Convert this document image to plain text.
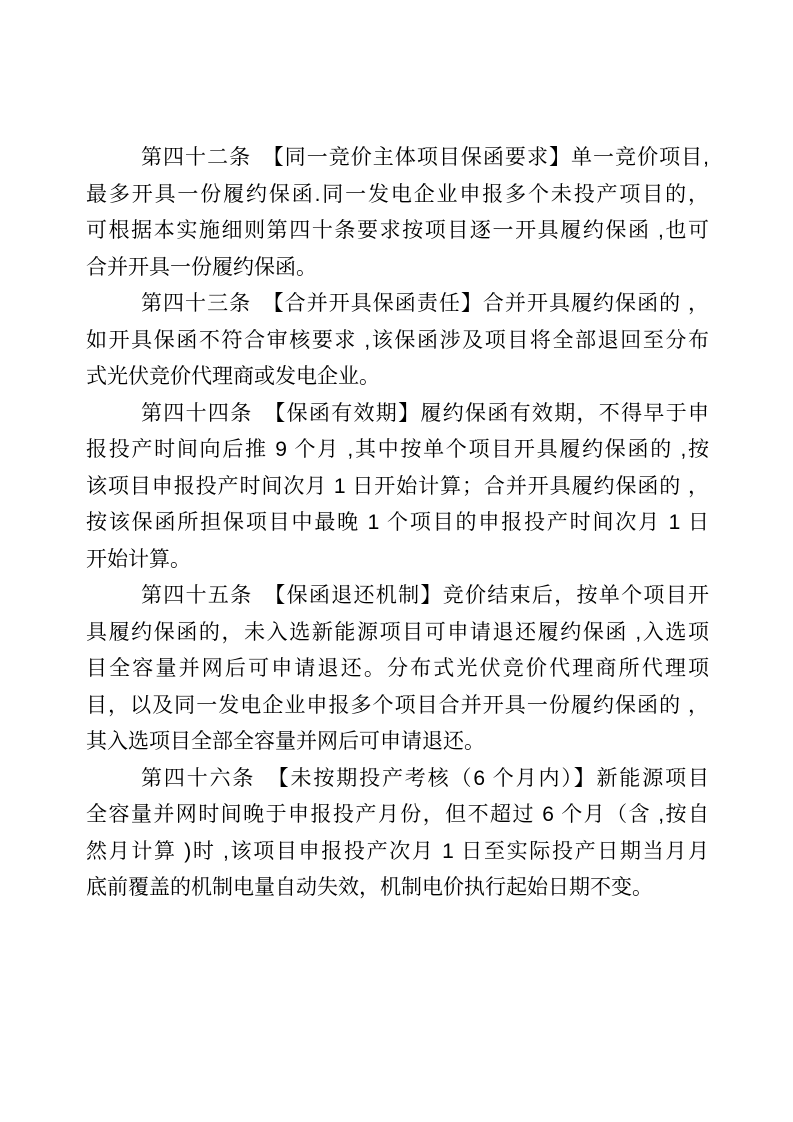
第四十二条　【同一竞价主体项目保函要求】单一竞价项目,
最多开具一份履约保函.同一发电企业申报多个未投产项目的，
可根据本实施细则第四十条要求按项目逐一开具履约保函 ,也可
合并开具一份履约保函。
第四十三条　【合并开具保函责任】合并开具履约保函的 ，
如开具保函不符合审核要求 ,该保函涉及项目将全部退回至分布
式光伏竞价代理商或发电企业。
第四十四条　【保函有效期】履约保函有效期，不得早于申
报投产时间向后推 9 个月 ,其中按单个项目开具履约保函的 ,按
该项目申报投产时间次月 1 日开始计算；合并开具履约保函的 ，
按该保函所担保项目中最晚 1 个项目的申报投产时间次月 1 日
开始计算。
第四十五条　【保函退还机制】竞价结束后，按单个项目开
具履约保函的，未入选新能源项目可申请退还履约保函 ,入选项
目全容量并网后可申请退还。分布式光伏竞价代理商所代理项
目，以及同一发电企业申报多个项目合并开具一份履约保函的 ，
其入选项目全部全容量并网后可申请退还。
第四十六条　【未按期投产考核（6 个月内）】新能源项目
全容量并网时间晚于申报投产月份，但不超过 6 个月（含 ,按自
然月计算 )时 ,该项目申报投产次月 1 日至实际投产日期当月月
底前覆盖的机制电量自动失效，机制电价执行起始日期不变。
